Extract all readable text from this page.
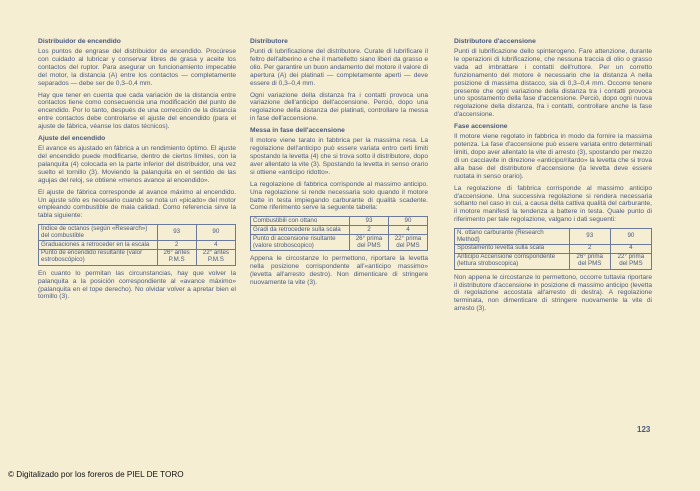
Distribuidor de encendido

Los puntos de engrase del distribuidor de encendido. Procúrese con cuidado al lubricar y conservar libres de grasa y aceite los contactos del ruptor. Para asegurar un funcionamiento impecable del motor, la distancia (A) entre los contactos — completamente separados — debe ser de 0,3–0,4 mm.

Hay que tener en cuenta que cada variación de la distancia entre contactos tiene como consecuencia una modificación del punto de encendido. Por lo tanto, después de una corrección de la distancia entre contactos debe controlarse el ajuste del encendido (para el ajuste de fábrica, véanse los datos técnicos).

Ajuste del encendido

El avance es ajustado en fábrica a un rendimiento óptimo. El ajuste del encendido puede modificarse, dentro de ciertos límites, con la palanquita (4) colocada en la parte inferior del distribuidor, una vez suelto el tornillo (3). Moviendo la palanquita en el sentido de las agujas del reloj, se obtiene «menos avance al encendido».

El ajuste de fábrica corresponde al avance máximo al encendido. Un ajuste sólo es necesario cuando se nota un «picado» del motor empleando combustible de mala calidad. Como referencia sirve la tabla siguiente:

Índice de octanos (según «Research») del combustible	93	90
Graduaciones a retroceder en la escala	2	4
Punto de encendido resultante (valor estroboscópico)	26° antes P.M.S	22° antes P.M.S

En cuanto lo permitan las circunstancias, hay que volver la palanquita a la posición correspondiente al «avance máximo» (palanquita en el tope derecho). No olvidar volver a apretar bien el tornillo (3).

Distributore

Punti di lubrificazione del distributore. Curate di lubrificare il feltro dell'alberino e che il martelletto siano liberi da grasso e olio. Per garantire un buon andamento del motore il valore di apertura (A) dei platinati — completamente aperti — deve essere di 0,3–0,4 mm.

Ogni variazione della distanza fra i contatti provoca una variazione dell'anticipo dell'accensione. Perciò, dopo una regolazione della distanza dei platinati, controllare la messa in fase dell'accensione.

Messa in fase dell'accensione

Il motore viene tarato in fabbrica per la massima resa. La regolazione dell'anticipo può essere variata entro certi limiti spostando la levetta (4) che si trova sotto il distributore, dopo aver allentato la vite (3). Spostando la levetta in senso orario si ottiene «anticipo ridotto».

La regolazione di fabbrica corrisponde al massimo anticipo. Una regolazione si rende necessaria solo quando il motore batte in testa impiegando carburante di qualità scadente. Come riferimento serve la seguente tabella:

Combustibili con ottano	93	90
Gradi da retrocedere sulla scala	2	4
Punto di accensione risultante (valore stroboscopico)	26° prima del PMS	22° prima del PMS

Appena le circostanze lo permettono, riportare la levetta nella posizione corrispondente all'«anticipo massimo» (levetta all'arresto destro). Non dimenticare di stringere nuovamente la vite (3).

Distributore d'accensione

Punti di lubrificazione dello spinterogeno. Fare attenzione, durante le operazioni di lubrificazione, che nessuna traccia di olio o grasso vada ad imbrattare i contatti dell'ruttore. Per un corretto funzionamento del motore è necessario che la distanza A nella posizione di massima distacco, sia di 0,3–0,4 mm. Occorre tenere presente che ogni variazione della distanza tra i contatti provoca uno spostamento della fase d'accensione. Perciò, dopo ogni nuova regolazione della distanza, fra i contatti, controllare anche la fase d'accensione.

Fase accensione

Il motore viene regolato in fabbrica in modo da fornire la massima potenza. La fase d'accensione può essere variata entro determinati limiti, dopo aver allentato la vite di arresto (3), spostando per mezzo di un cacciavite in direzione «anticipo/ritardo» la levetta che si trova alla base del distributore d'accensione (la levetta deve essere ruotata in senso orario).

La regolazione di fabbrica corrisponde al massimo anticipo d'accensione. Una successiva regolazione si rendera necessaria soltanto nel caso in cui, a causa della cattiva qualità del carburante, il motore manifesti la tendenza a battere in testa. Quale punto di riferimento per tale regolazione, valgano i dati seguenti:

N. ottano carburante (Research Method)	93	90
Spostamento levetta sulla scala	2	4
Anticipo Accensione corrispondente (lettura stroboscopica)	26° prima del PMS	22° prima del PMS

Non appena le circostanze lo permettono, occorre tuttavia riportare il distributore d'accensione in posizione di massimo anticipo (levetta di regolazione accostata all'arresto di destra). A regolazione terminata, non dimenticare di stringere nuovamente la vite di arresto (3).

123
© Digitalizado por los foreros de PIEL DE TORO
